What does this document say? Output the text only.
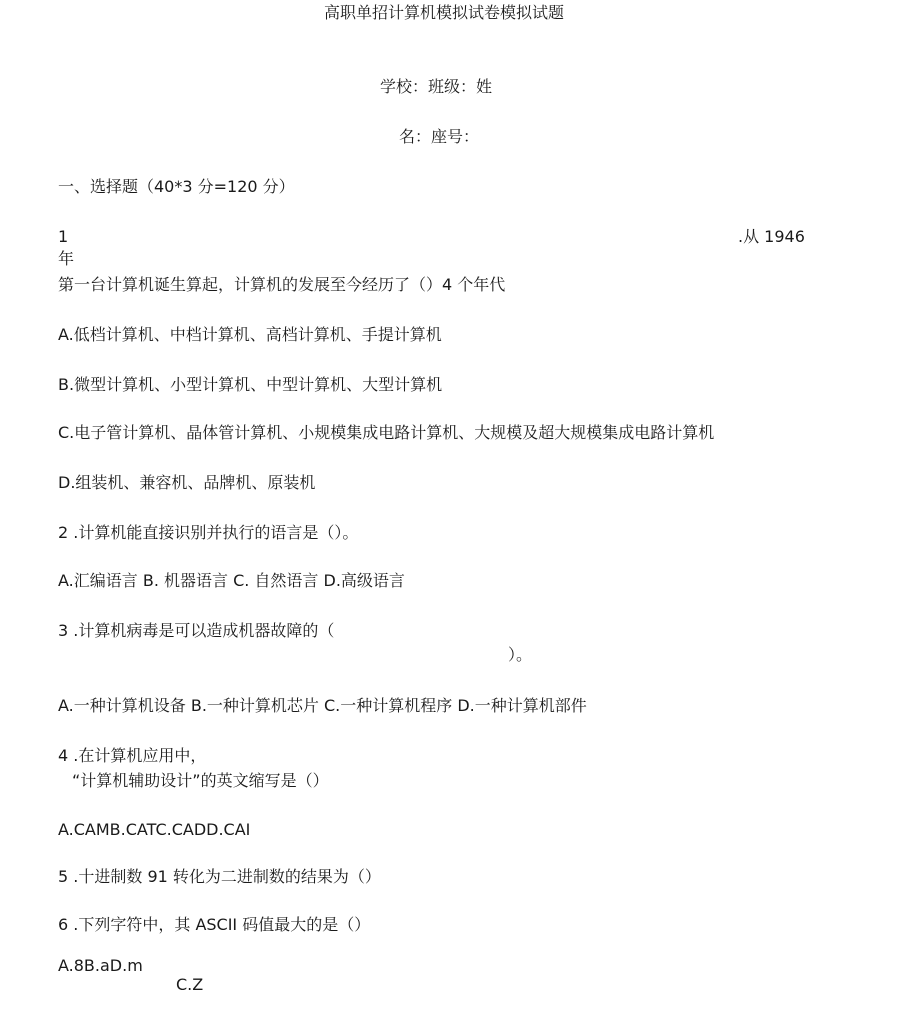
高职单招计算机模拟试卷模拟试题
学校：班级：姓
名：座号：
一、选择题（40*3 分=120 分）
1	.从 1946
年
第一台计算机诞生算起，计算机的发展至今经历了（）4 个年代
A.低档计算机、中档计算机、高档计算机、手提计算机
B.微型计算机、小型计算机、中型计算机、大型计算机
C.电子管计算机、晶体管计算机、小规模集成电路计算机、大规模及超大规模集成电路计算机
D.组装机、兼容机、品牌机、原装机
2 .计算机能直接识别并执行的语言是（）。
A.汇编语言 B. 机器语言 C. 自然语言 D.高级语言
3 .计算机病毒是可以造成机器故障的（
）。
A.一种计算机设备 B.一种计算机芯片 C.一种计算机程序 D.一种计算机部件
4 .在计算机应用中，
“计算机辅助设计”的英文缩写是（）
A.CAMB.CATC.CADD.CAI
5 .十进制数 91 转化为二进制数的结果为（）
6 .下列字符中，其 ASCII 码值最大的是（）
A.8B.aD.m
C.Z
